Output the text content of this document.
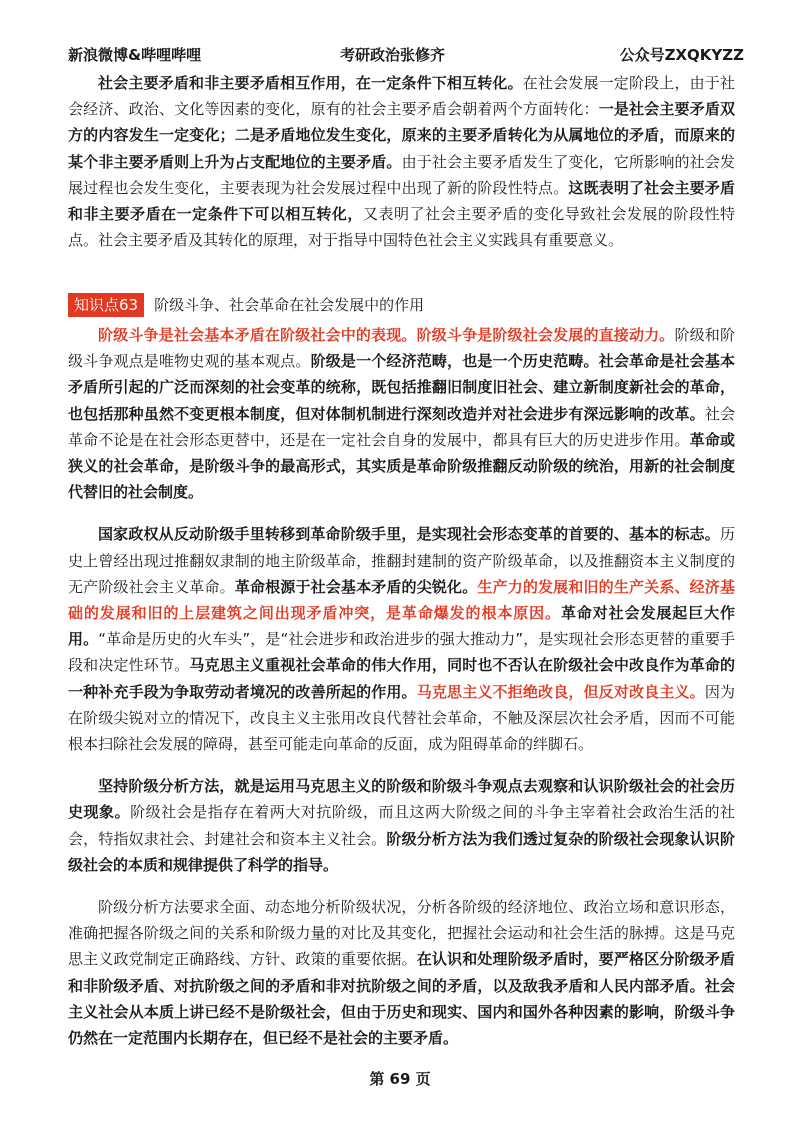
新浪微博&哔哩哔哩	考研政治张修齐	公众号ZXQKYZZ

社会主要矛盾和非主要矛盾相互作用，在一定条件下相互转化。在社会发展一定阶段上，由于社会经济、政治、文化等因素的变化，原有的社会主要矛盾会朝着两个方面转化：一是社会主要矛盾双方的内容发生一定变化；二是矛盾地位发生变化，原来的主要矛盾转化为从属地位的矛盾，而原来的某个非主要矛盾则上升为占支配地位的主要矛盾。由于社会主要矛盾发生了变化，它所影响的社会发展过程也会发生变化，主要表现为社会发展过程中出现了新的阶段性特点。这既表明了社会主要矛盾和非主要矛盾在一定条件下可以相互转化，又表明了社会主要矛盾的变化导致社会发展的阶段性特点。社会主要矛盾及其转化的原理，对于指导中国特色社会主义实践具有重要意义。

知识点63 阶级斗争、社会革命在社会发展中的作用

阶级斗争是社会基本矛盾在阶级社会中的表现。阶级斗争是阶级社会发展的直接动力。阶级和阶级斗争观点是唯物史观的基本观点。阶级是一个经济范畴，也是一个历史范畴。社会革命是社会基本矛盾所引起的广泛而深刻的社会变革的统称，既包括推翻旧制度旧社会、建立新制度新社会的革命，也包括那种虽然不变更根本制度，但对体制机制进行深刻改造并对社会进步有深远影响的改革。社会革命不论是在社会形态更替中，还是在一定社会自身的发展中，都具有巨大的历史进步作用。革命或狭义的社会革命，是阶级斗争的最高形式，其实质是革命阶级推翻反动阶级的统治，用新的社会制度代替旧的社会制度。

国家政权从反动阶级手里转移到革命阶级手里，是实现社会形态变革的首要的、基本的标志。历史上曾经出现过推翻奴隶制的地主阶级革命，推翻封建制的资产阶级革命，以及推翻资本主义制度的无产阶级社会主义革命。革命根源于社会基本矛盾的尖锐化。生产力的发展和旧的生产关系、经济基础的发展和旧的上层建筑之间出现矛盾冲突，是革命爆发的根本原因。革命对社会发展起巨大作用。“革命是历史的火车头”，是“社会进步和政治进步的强大推动力”，是实现社会形态更替的重要手段和决定性环节。马克思主义重视社会革命的伟大作用，同时也不否认在阶级社会中改良作为革命的一种补充手段为争取劳动者境况的改善所起的作用。马克思主义不拒绝改良，但反对改良主义。因为在阶级尖锐对立的情况下，改良主义主张用改良代替社会革命，不触及深层次社会矛盾，因而不可能根本扫除社会发展的障碍，甚至可能走向革命的反面，成为阻碍革命的绊脚石。

坚持阶级分析方法，就是运用马克思主义的阶级和阶级斗争观点去观察和认识阶级社会的社会历史现象。阶级社会是指存在着两大对抗阶级，而且这两大阶级之间的斗争主宰着社会政治生活的社会，特指奴隶社会、封建社会和资本主义社会。阶级分析方法为我们透过复杂的阶级社会现象认识阶级社会的本质和规律提供了科学的指导。

阶级分析方法要求全面、动态地分析阶级状况，分析各阶级的经济地位、政治立场和意识形态，准确把握各阶级之间的关系和阶级力量的对比及其变化，把握社会运动和社会生活的脉搏。这是马克思主义政党制定正确路线、方针、政策的重要依据。在认识和处理阶级矛盾时，要严格区分阶级矛盾和非阶级矛盾、对抗阶级之间的矛盾和非对抗阶级之间的矛盾，以及敌我矛盾和人民内部矛盾。社会主义社会从本质上讲已经不是阶级社会，但由于历史和现实、国内和国外各种因素的影响，阶级斗争仍然在一定范围内长期存在，但已经不是社会的主要矛盾。

第 69 页
